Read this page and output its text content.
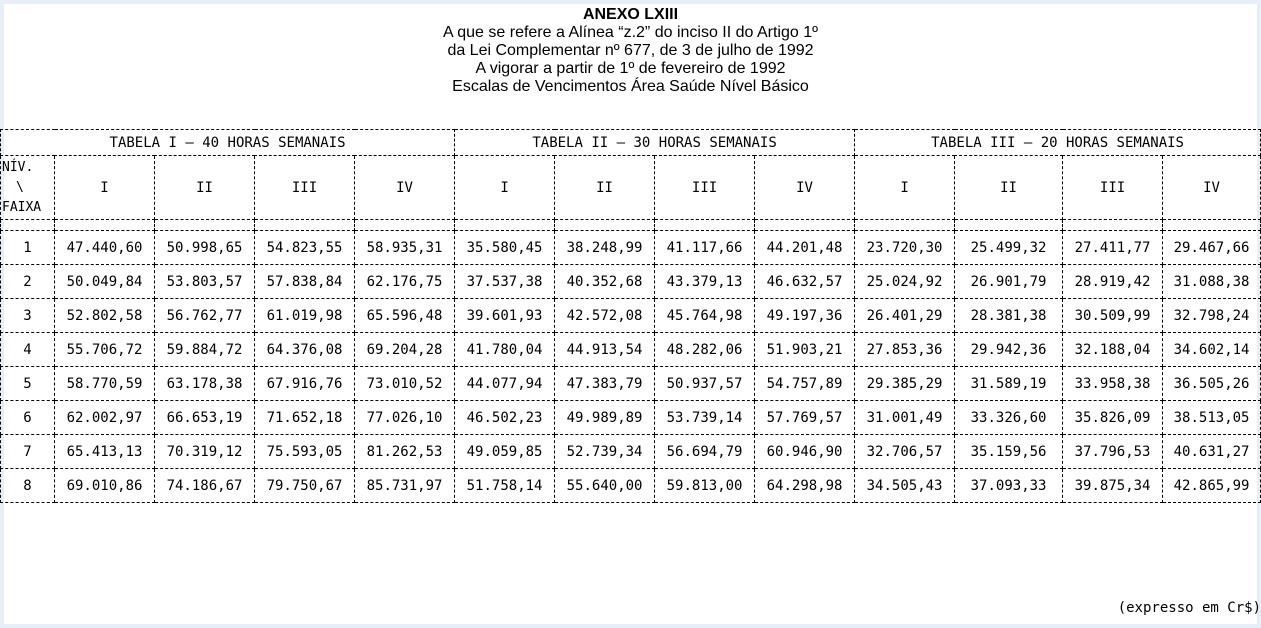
ANEXO LXIII
A que se refere a Alínea “z.2” do inciso II do Artigo 1º
da Lei Complementar nº 677, de 3 de julho de 1992
A vigorar a partir de 1º de fevereiro de 1992
Escalas de Vencimentos Área Saúde Nível Básico
TABELA I – 40 HORAS SEMANAIS					TABELA II – 30 HORAS SEMANAIS				TABELA III – 20 HORAS SEMANAIS			

NÍV.
\
FAIXA	I	II	III	IV	I	II	III	IV	I	II	III	IV

1	47.440,60	50.998,65	54.823,55	58.935,31	35.580,45	38.248,99	41.117,66	44.201,48	23.720,30	25.499,32	27.411,77	29.467,66
2	50.049,84	53.803,57	57.838,84	62.176,75	37.537,38	40.352,68	43.379,13	46.632,57	25.024,92	26.901,79	28.919,42	31.088,38
3	52.802,58	56.762,77	61.019,98	65.596,48	39.601,93	42.572,08	45.764,98	49.197,36	26.401,29	28.381,38	30.509,99	32.798,24
4	55.706,72	59.884,72	64.376,08	69.204,28	41.780,04	44.913,54	48.282,06	51.903,21	27.853,36	29.942,36	32.188,04	34.602,14
5	58.770,59	63.178,38	67.916,76	73.010,52	44.077,94	47.383,79	50.937,57	54.757,89	29.385,29	31.589,19	33.958,38	36.505,26
6	62.002,97	66.653,19	71.652,18	77.026,10	46.502,23	49.989,89	53.739,14	57.769,57	31.001,49	33.326,60	35.826,09	38.513,05
7	65.413,13	70.319,12	75.593,05	81.262,53	49.059,85	52.739,34	56.694,79	60.946,90	32.706,57	35.159,56	37.796,53	40.631,27
8	69.010,86	74.186,67	79.750,67	85.731,97	51.758,14	55.640,00	59.813,00	64.298,98	34.505,43	37.093,33	39.875,34	42.865,99
(expresso em Cr$)
